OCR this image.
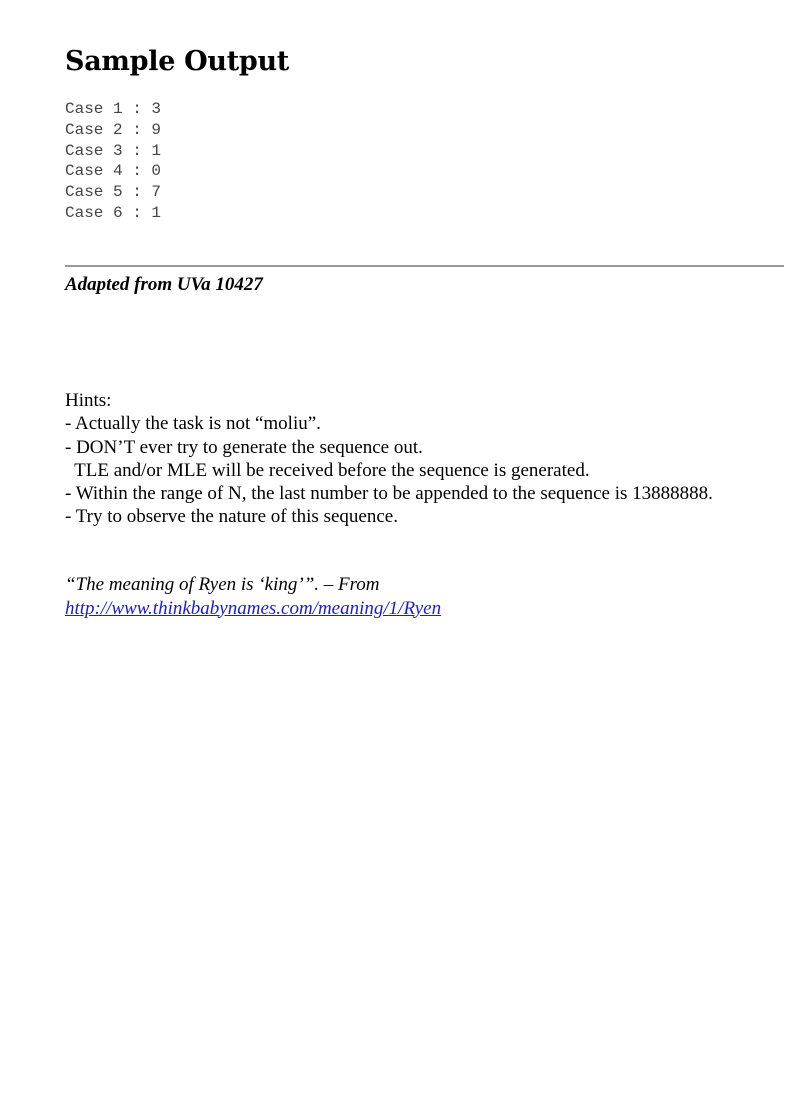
Sample Output
Case 1 : 3
Case 2 : 9
Case 3 : 1
Case 4 : 0
Case 5 : 7
Case 6 : 1

Adapted from UVa 10427

Hints:
- Actually the task is not “moliu”.
- DON’T ever try to generate the sequence out.
TLE and/or MLE will be received before the sequence is generated.
- Within the range of N, the last number to be appended to the sequence is 13888888.
- Try to observe the nature of this sequence.
“The meaning of Ryen is ‘king’”. – From
http://www.thinkbabynames.com/meaning/1/Ryen
